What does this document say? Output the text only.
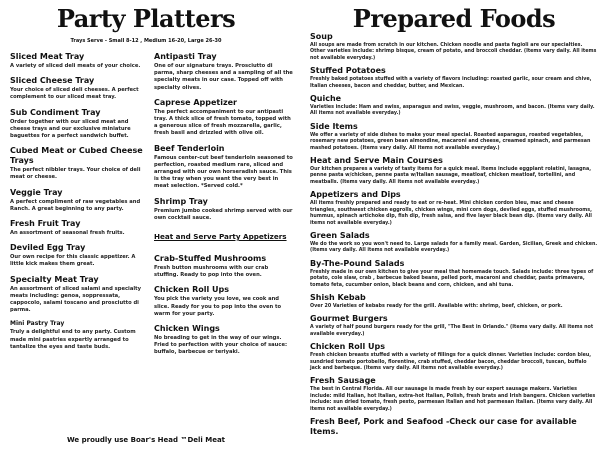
Party Platters
Trays Serve - Small 8-12 , Medium 16-20, Large 26-30
Sliced Meat Tray
A variety of sliced deli meats of your choice.
Sliced Cheese Tray
Your choice of sliced deli cheeses. A perfect complement to our sliced meat tray.
Sub Condiment Tray
Order together with our sliced meat and cheese trays and our exclusive miniature baguettes for a perfect sandwich buffet.
Cubed Meat or Cubed Cheese Trays
The perfect nibbler trays. Your choice of deli meat or cheese.
Veggie Tray
A perfect compliment of raw vegetables and Ranch. A great beginning to any party.
Fresh Fruit Tray
An assortment of seasonal fresh fruits.
Deviled Egg Tray
Our own recipe for this classic appetizer. A little kick makes them great.
Specialty Meat Tray
An assortment of sliced salami and specialty meats including: genoa, soppressata, cappocolo, salami toscano and prosciutto di parma.
Mini Pastry Tray
Truly a delightful end to any party. Custom made mini pastries expertly arranged to tantalize the eyes and taste buds.
Antipasti Tray
One of our signature trays. Prosciutto di parma, sharp cheeses and a sampling of all the specialty meats in our case. Topped off with specialty olives.
Caprese Appetizer
The perfect accompaniment to our antipasti tray. A thick slice of fresh tomato, topped with a generous slice of fresh mozzarella, garlic, fresh basil and drizzled with olive oil.
Beef Tenderloin
Famous center-cut beef tenderloin seasoned to perfection, roasted medium rare, sliced and arranged with our own horseradish sauce. This is the tray when you want the very best in meat selection. *Served cold.*
Shrimp Tray
Premium jumbo cooked shrimp served with our own cocktail sauce.
Heat and Serve Party Appetizers
Crab-Stuffed Mushrooms
Fresh button mushrooms with our crab stuffing. Ready to pop into the oven.
Chicken Roll Ups
You pick the variety you love, we cook and slice. Ready for you to pop into the oven to warm for your party.
Chicken Wings
No breading to get in the way of our wings. Fried to perfection with your choice of sauce: buffalo, barbecue or teriyaki.
We proudly use Boar's Head ™Deli Meat
Prepared Foods
Soup
All soups are made from scratch in our kitchen. Chicken noodle and pasta fagioli are our specialties. Other varieties include: shrimp bisque, cream of potato, and broccoli cheddar. (Items vary daily. All items not available everyday.)
Stuffed Potatoes
Freshly baked potatoes stuffed with a variety of flavors including: roasted garlic, sour cream and chive, Italian cheeses, bacon and cheddar, butter, and Mexican.
Quiche
Varieties include: Ham and swiss, asparagus and swiss, veggie, mushroom, and bacon. (Items vary daily. All items not available everyday.)
Side Items
We offer a variety of side dishes to make your meal special. Roasted asparagus, roasted vegetables, rosemary new potatoes, green bean almondine, macaroni and cheese, creamed spinach, and parmesan mashed potatoes. (Items vary daily. All items not available everyday.)
Heat and Serve Main Courses
Our kitchen prepares a variety of tasty items for a quick meal. Items include eggplant rolatini, lasagna, penne pasta w/chicken, penne pasta w/Italian sausage, meatloaf, chicken meatloaf, tortellini, and meatballs. (Items vary daily. All items not available everyday.)
Appetizers and Dips
All items freshly prepared and ready to eat or re-heat. Mini chicken cordon bleu, mac and cheese triangles, southwest chicken eggrolls, chicken wings, mini corn dogs, deviled eggs, stuffed mushrooms, hummus, spinach artichoke dip, fish dip, fresh salsa, and five layer black bean dip. (Items vary daily. All items not available everyday.)
Green Salads
We do the work so you won't need to. Large salads for a family meal. Garden, Sicilian, Greek and chicken. (Items vary daily. All items not available everyday.)
By-The-Pound Salads
Freshly made in our own kitchen to give your meal that homemade touch. Salads include: three types of potato, cole slaw, crab , barbecue baked beans, pelled pork, macaroni and cheddar, pasta primavera, tomato feta, cucumber onion, black beans and corn, chicken, and ahi tuna.
Shish Kebab
Over 20 Varieties of kebabs ready for the grill. Available with: shrimp, beef, chicken, or pork.
Gourmet Burgers
A variety of half pound burgers ready for the grill, "The Best in Orlando." (Items vary daily. All items not available everyday.)
Chicken Roll Ups
Fresh chicken breasts stuffed with a variety of fillings for a quick dinner. Varieties include: cordon bleu, sundried tomato portobello, florentine, crab stuffed, cheddar bacon, cheddar broccoli, tuscan, buffalo jack and barbeque. (Items vary daily. All items not available everyday.)
Fresh Sausage
The best in Central Florida. All our sausage is made fresh by our expert sausage makers. Varieties include: mild Italian, hot Italian, extra-hot Italian, Polish, fresh brats and Irish bangers. Chicken varieties include: sun dried tomato, fresh pesto, parmesan Italian and hot parmesan Italian. (Items vary daily. All items not available everyday.)
Fresh Beef, Pork and Seafood -Check our case for available Items.
